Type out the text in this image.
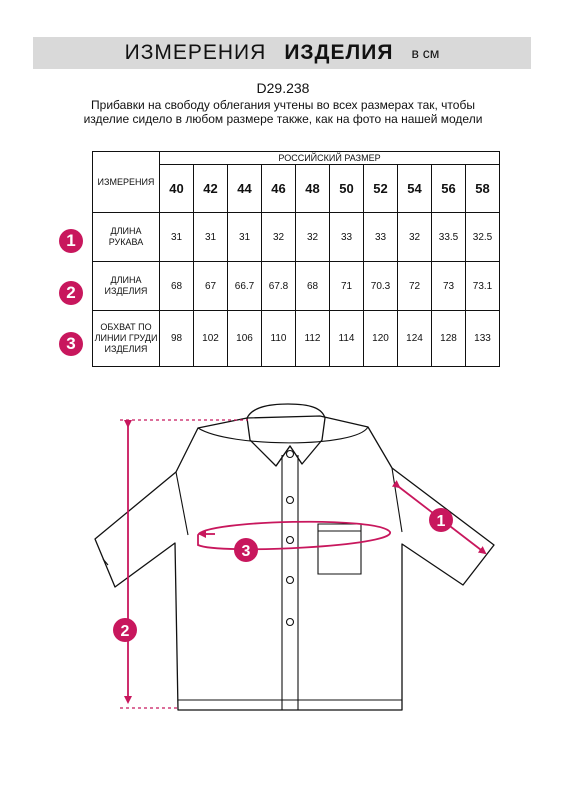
ИЗМЕРЕНИЯ ИЗДЕЛИЯ в см
D29.238
Прибавки на свободу облегания учтены во всех размерах так, чтобы изделие сидело в любом размере также, как на фото на нашей модели
ИЗМЕРЕНИЯ	РОССИЙСКИЙ РАЗМЕР									
	40	42	44	46	48	50	52	54	56	58
ДЛИНА РУКАВА	31	31	31	32	32	33	33	32	33.5	32.5
ДЛИНА ИЗДЕЛИЯ	68	67	66.7	67.8	68	71	70.3	72	73	73.1
ОБХВАТ ПО ЛИНИИ ГРУДИ ИЗДЕЛИЯ	98	102	106	110	112	114	120	124	128	133
1
2
3
1
2
3
